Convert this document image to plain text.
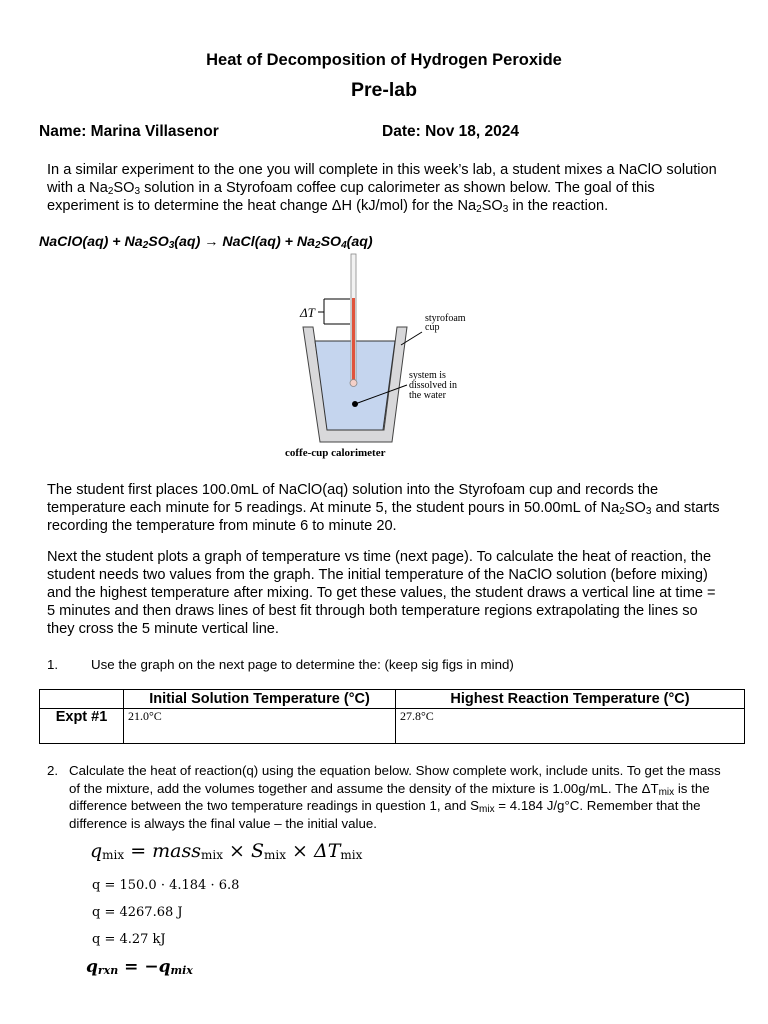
Heat of Decomposition of Hydrogen Peroxide
Pre-lab
Name: Marina Villasenor	Date: Nov 18, 2024
In a similar experiment to the one you will complete in this week’s lab, a student mixes a NaClO solution with a $Na_2SO_3$ solution in a Styrofoam coffee cup calorimeter as shown below. The goal of this experiment is to determine the heat change ΔH (kJ/mol) for the $Na_2SO_3$ in the reaction.
NaClO(aq) + $Na_2SO_3(aq)$ → NaCl(aq) + $Na_2SO_4(aq)$
ΔT	styrofoam
cup
system is
dissolved in
the water
coffe-cup calorimeter
The student first places 100.0mL of NaClO(aq) solution into the Styrofoam cup and records the temperature each minute for 5 readings. At minute 5, the student pours in 50.00mL of $Na_2SO_3$ and starts recording the temperature from minute 6 to minute 20.
Next the student plots a graph of temperature vs time (next page). To calculate the heat of reaction, the student needs two values from the graph. The initial temperature of the NaClO solution (before mixing) and the highest temperature after mixing. To get these values, the student draws a vertical line at time = 5 minutes and then draws lines of best fit through both temperature regions extrapolating the lines so they cross the 5 minute vertical line.
1. Use the graph on the next page to determine the: (keep sig figs in mind)
	Initial Solution Temperature (°C)	Highest Reaction Temperature (°C)
Expt #1	21.0°C	27.8°C
2. Calculate the heat of reaction(q) using the equation below. Show complete work, include units. To get the mass of the mixture, add the volumes together and assume the density of the mixture is 1.00g/mL. The $\Delta T_{mix}$ is the difference between the two temperature readings in question 1, and $S_{mix} = 4.184$ J/g°C. Remember that the difference is always the final value – the initial value.
$q_{mix}$ = mass$_{mix}$ × $S_{mix} \times \Delta T_{mix}$
q = 150.0 · 4.184 · 6.8
q = 4267.68 J
q = 4.27 kJ
$q_{rxn} = -q_{mix}$
